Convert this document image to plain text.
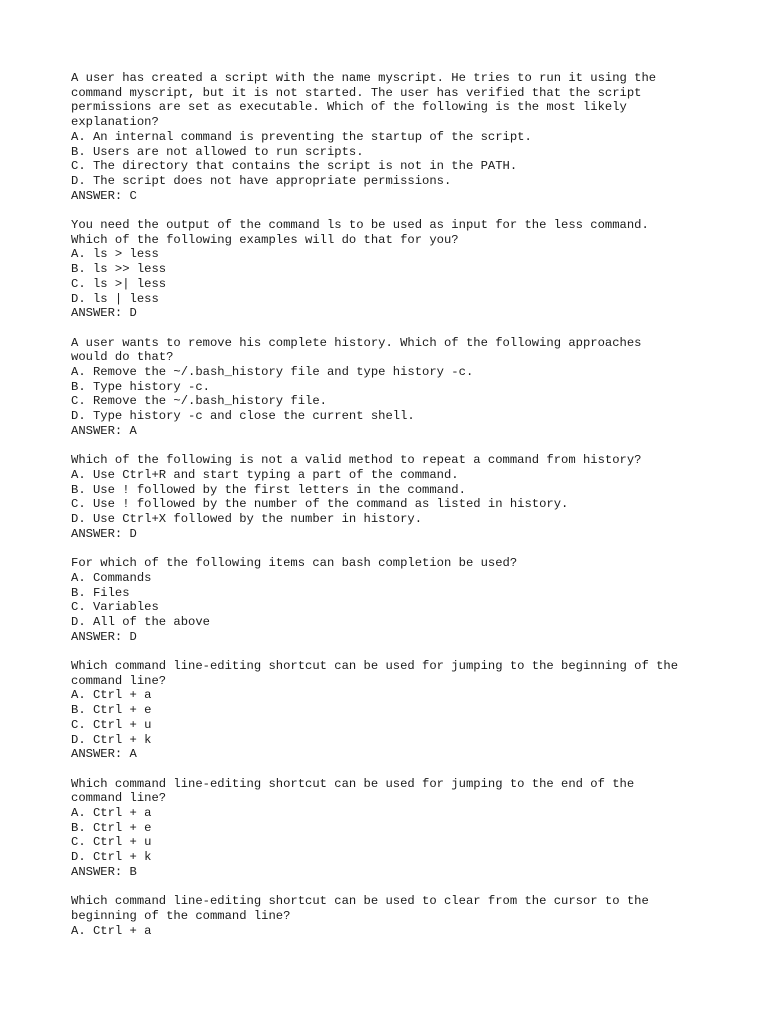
A user has created a script with the name myscript. He tries to run it using the
command myscript, but it is not started. The user has verified that the script
permissions are set as executable. Which of the following is the most likely
explanation?
A. An internal command is preventing the startup of the script.
B. Users are not allowed to run scripts.
C. The directory that contains the script is not in the PATH.
D. The script does not have appropriate permissions.
ANSWER: C
You need the output of the command ls to be used as input for the less command.
Which of the following examples will do that for you?
A. ls > less
B. ls >> less
C. ls >| less
D. ls | less
ANSWER: D
A user wants to remove his complete history. Which of the following approaches
would do that?
A. Remove the ~/.bash_history file and type history -c.
B. Type history -c.
C. Remove the ~/.bash_history file.
D. Type history -c and close the current shell.
ANSWER: A
Which of the following is not a valid method to repeat a command from history?
A. Use Ctrl+R and start typing a part of the command.
B. Use ! followed by the first letters in the command.
C. Use ! followed by the number of the command as listed in history.
D. Use Ctrl+X followed by the number in history.
ANSWER: D
For which of the following items can bash completion be used?
A. Commands
B. Files
C. Variables
D. All of the above
ANSWER: D
Which command line-editing shortcut can be used for jumping to the beginning of the
command line?
A. Ctrl + a
B. Ctrl + e
C. Ctrl + u
D. Ctrl + k
ANSWER: A
Which command line-editing shortcut can be used for jumping to the end of the
command line?
A. Ctrl + a
B. Ctrl + e
C. Ctrl + u
D. Ctrl + k
ANSWER: B
Which command line-editing shortcut can be used to clear from the cursor to the
beginning of the command line?
A. Ctrl + a
